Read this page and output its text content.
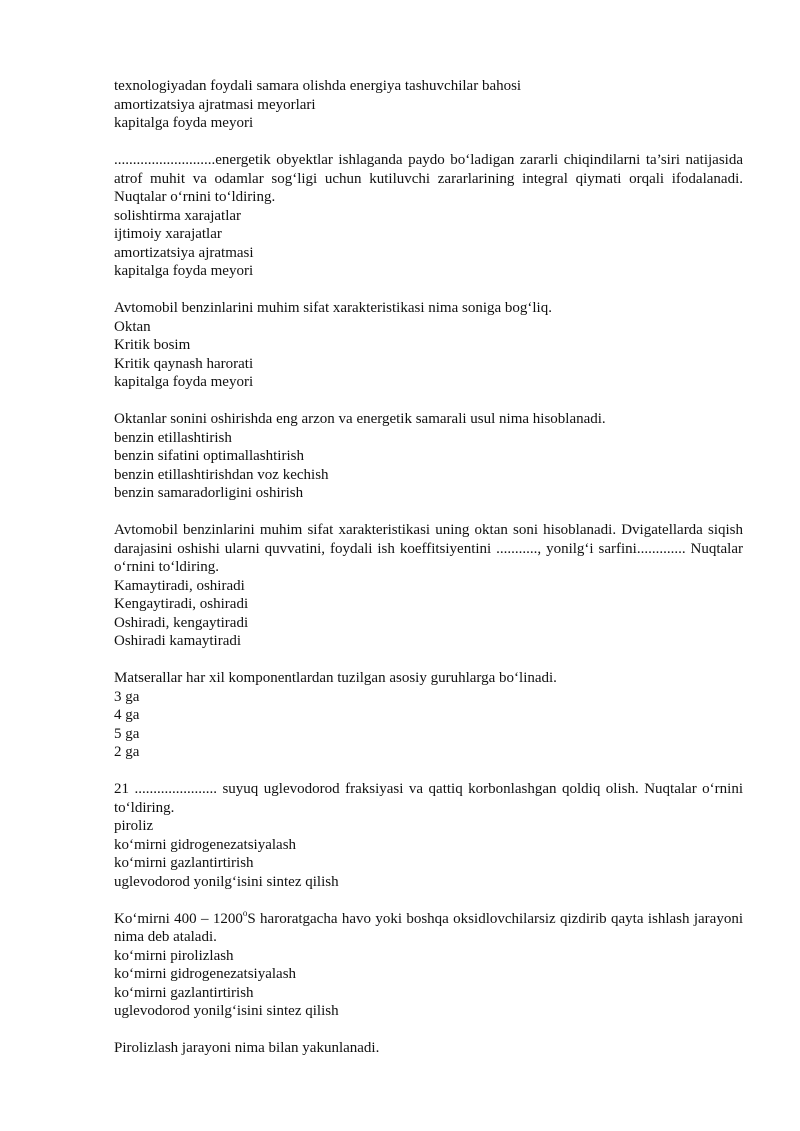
texnologiyadan foydali samara olishda energiya tashuvchilar bahosi
amortizatsiya ajratmasi meyorlari
kapitalga foyda meyori
...........................energetik obyektlar ishlaganda paydo bo‘ladigan zararli chiqindilarni ta’siri natijasida atrof muhit va odamlar sog‘ligi uchun kutiluvchi zararlarining integral qiymati orqali ifodalanadi. Nuqtalar o‘rnini to‘ldiring.
solishtirma xarajatlar
ijtimoiy xarajatlar
amortizatsiya ajratmasi
kapitalga foyda meyori
Avtomobil benzinlarini muhim sifat xarakteristikasi nima soniga bog‘liq.
Oktan
Kritik bosim
Kritik qaynash harorati
kapitalga foyda meyori
Oktanlar sonini oshirishda eng arzon va energetik samarali usul nima hisoblanadi.
benzin etillashtirish
benzin sifatini optimallashtirish
benzin etillashtirishdan voz kechish
benzin samaradorligini oshirish
Avtomobil benzinlarini muhim sifat xarakteristikasi uning oktan soni hisoblanadi. Dvigatellarda siqish darajasini oshishi ularni quvvatini, foydali ish koeffitsiyentini ..........., yonilg‘i sarfini............. Nuqtalar o‘rnini to‘ldiring.
Kamaytiradi, oshiradi
Kengaytiradi, oshiradi
Oshiradi, kengaytiradi
Oshiradi kamaytiradi
Matserallar har xil komponentlardan tuzilgan asosiy guruhlarga bo‘linadi.
3 ga
4 ga
5 ga
2 ga
21 ...................... suyuq uglevodorod fraksiyasi va qattiq korbonlashgan qoldiq olish. Nuqtalar o‘rnini to‘ldiring.
piroliz
ko‘mirni gidrogenezatsiyalash
ko‘mirni gazlantirtirish
uglevodorod yonilg‘isini sintez qilish
Ko‘mirni 400 – 1200$^o$S haroratgacha havo yoki boshqa oksidlovchilarsiz qizdirib qayta ishlash jarayoni nima deb ataladi.
ko‘mirni pirolizlash
ko‘mirni gidrogenezatsiyalash
ko‘mirni gazlantirtirish
uglevodorod yonilg‘isini sintez qilish
Pirolizlash jarayoni nima bilan yakunlanadi.
